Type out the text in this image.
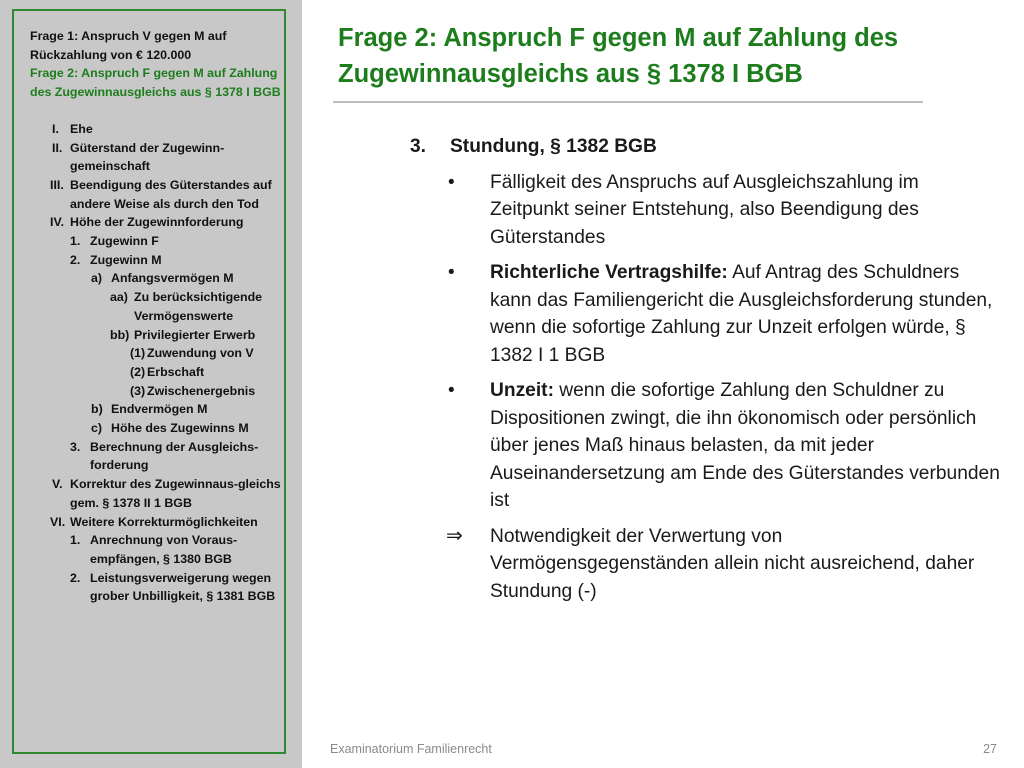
Frage 1: Anspruch V gegen M auf Rückzahlung von € 120.000
Frage 2: Anspruch F gegen M auf Zahlung des Zugewinnausgleichs aus § 1378 I BGB
I. Ehe
II. Güterstand der Zugewinn-gemeinschaft
III. Beendigung des Güterstandes auf andere Weise als durch den Tod
IV. Höhe der Zugewinnforderung
1. Zugewinn F
2. Zugewinn M
a) Anfangsvermögen M
aa) Zu berücksichtigende Vermögenswerte
bb) Privilegierter Erwerb
(1) Zuwendung von V
(2) Erbschaft
(3) Zwischenergebnis
b) Endvermögen M
c) Höhe des Zugewinns M
3. Berechnung der Ausgleichs-forderung
V. Korrektur des Zugewinnaus-gleichs gem. § 1378 II 1 BGB
VI. Weitere Korrekturmöglichkeiten
1. Anrechnung von Voraus-empfängen, § 1380 BGB
2. Leistungsverweigerung wegen grober Unbilligkeit, § 1381 BGB
Frage 2: Anspruch F gegen M auf Zahlung des Zugewinnausgleichs aus § 1378 I BGB
3. Stundung, § 1382 BGB
• Fälligkeit des Anspruchs auf Ausgleichszahlung im Zeitpunkt seiner Entstehung, also Beendigung des Güterstandes
• Richterliche Vertragshilfe: Auf Antrag des Schuldners kann das Familiengericht die Ausgleichsforderung stunden, wenn die sofortige Zahlung zur Unzeit erfolgen würde, § 1382 I 1 BGB
• Unzeit: wenn die sofortige Zahlung den Schuldner zu Dispositionen zwingt, die ihn ökonomisch oder persönlich über jenes Maß hinaus belasten, da mit jeder Auseinandersetzung am Ende des Güterstandes verbunden ist
⇒ Notwendigkeit der Verwertung von Vermögensgegenständen allein nicht ausreichend, daher Stundung (-)
Examinatorium Familienrecht	27
